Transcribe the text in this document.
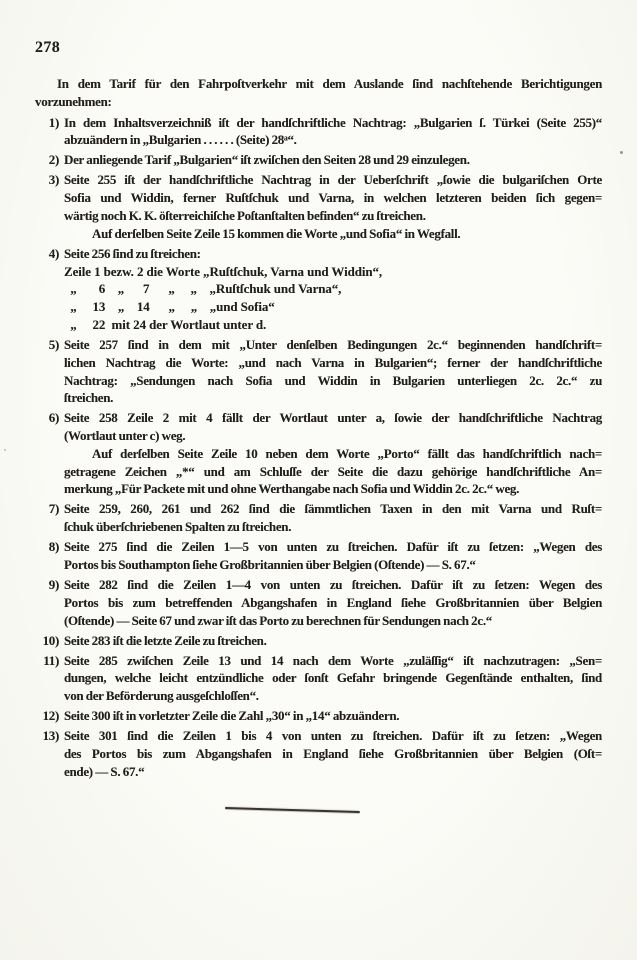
278
In dem Tarif für den Fahrpoſtverkehr mit dem Auslande ſind nachſtehende Berichtigungen
vorzunehmen:
1) In dem Inhaltsverzeichniß iſt der handſchriftliche Nachtrag: „Bulgarien ſ. Türkei (Seite 255)“
abzuändern in „Bulgarien . . . . . . (Seite) 28ᵃ“.
2) Der anliegende Tarif „Bulgarien“ iſt zwiſchen den Seiten 28 und 29 einzulegen.
3) Seite 255 iſt der handſchriftliche Nachtrag in der Ueberſchrift „ſowie die bulgariſchen Orte
Sofia und Widdin, ferner Ruſtſchuk und Varna, in welchen letzteren beiden ſich gegen=
wärtig noch K. K. öſterreichiſche Poſtanſtalten befinden“ zu ſtreichen.
Auf derſelben Seite Zeile 15 kommen die Worte „und Sofia“ in Wegfall.
4) Seite 256 ſind zu ſtreichen:
Zeile 1 bezw. 2 die Worte „Ruſtſchuk, Varna und Widdin“,
„       6    „      7      „     „    „Ruſtſchuk und Varna“,
„     13    „    14      „     „    „und Sofia“
„     22  mit 24 der Wortlaut unter d.
5) Seite 257 ſind in dem mit „Unter denſelben Bedingungen 2c.“ beginnenden handſchrift=
lichen Nachtrag die Worte: „und nach Varna in Bulgarien“; ferner der handſchriftliche
Nachtrag: „Sendungen nach Sofia und Widdin in Bulgarien unterliegen 2c. 2c.“ zu
ſtreichen.
6) Seite 258 Zeile 2 mit 4 fällt der Wortlaut unter a, ſowie der handſchriftliche Nachtrag
(Wortlaut unter c) weg.
Auf derſelben Seite Zeile 10 neben dem Worte „Porto“ fällt das handſchriftlich nach=
getragene Zeichen „*“ und am Schluſſe der Seite die dazu gehörige handſchriftliche An=
merkung „Für Packete mit und ohne Werthangabe nach Sofia und Widdin 2c. 2c.“ weg.
7) Seite 259, 260, 261 und 262 ſind die ſämmtlichen Taxen in den mit Varna und Ruſt=
ſchuk überſchriebenen Spalten zu ſtreichen.
8) Seite 275 ſind die Zeilen 1—5 von unten zu ſtreichen. Dafür iſt zu ſetzen: „Wegen des
Portos bis Southampton ſiehe Großbritannien über Belgien (Oſtende) — S. 67.“
9) Seite 282 ſind die Zeilen 1—4 von unten zu ſtreichen. Dafür iſt zu ſetzen: Wegen des
Portos bis zum betreffenden Abgangshafen in England ſiehe Großbritannien über Belgien
(Oſtende) — Seite 67 und zwar iſt das Porto zu berechnen für Sendungen nach 2c.“
10) Seite 283 iſt die letzte Zeile zu ſtreichen.
11) Seite 285 zwiſchen Zeile 13 und 14 nach dem Worte „zuläſſig“ iſt nachzutragen: „Sen=
dungen, welche leicht entzündliche oder ſonſt Gefahr bringende Gegenſtände enthalten, ſind
von der Beförderung ausgeſchloſſen“.
12) Seite 300 iſt in vorletzter Zeile die Zahl „30“ in „14“ abzuändern.
13) Seite 301 ſind die Zeilen 1 bis 4 von unten zu ſtreichen. Dafür iſt zu ſetzen: „Wegen
des Portos bis zum Abgangshafen in England ſiehe Großbritannien über Belgien (Oſt=
ende) — S. 67.“
